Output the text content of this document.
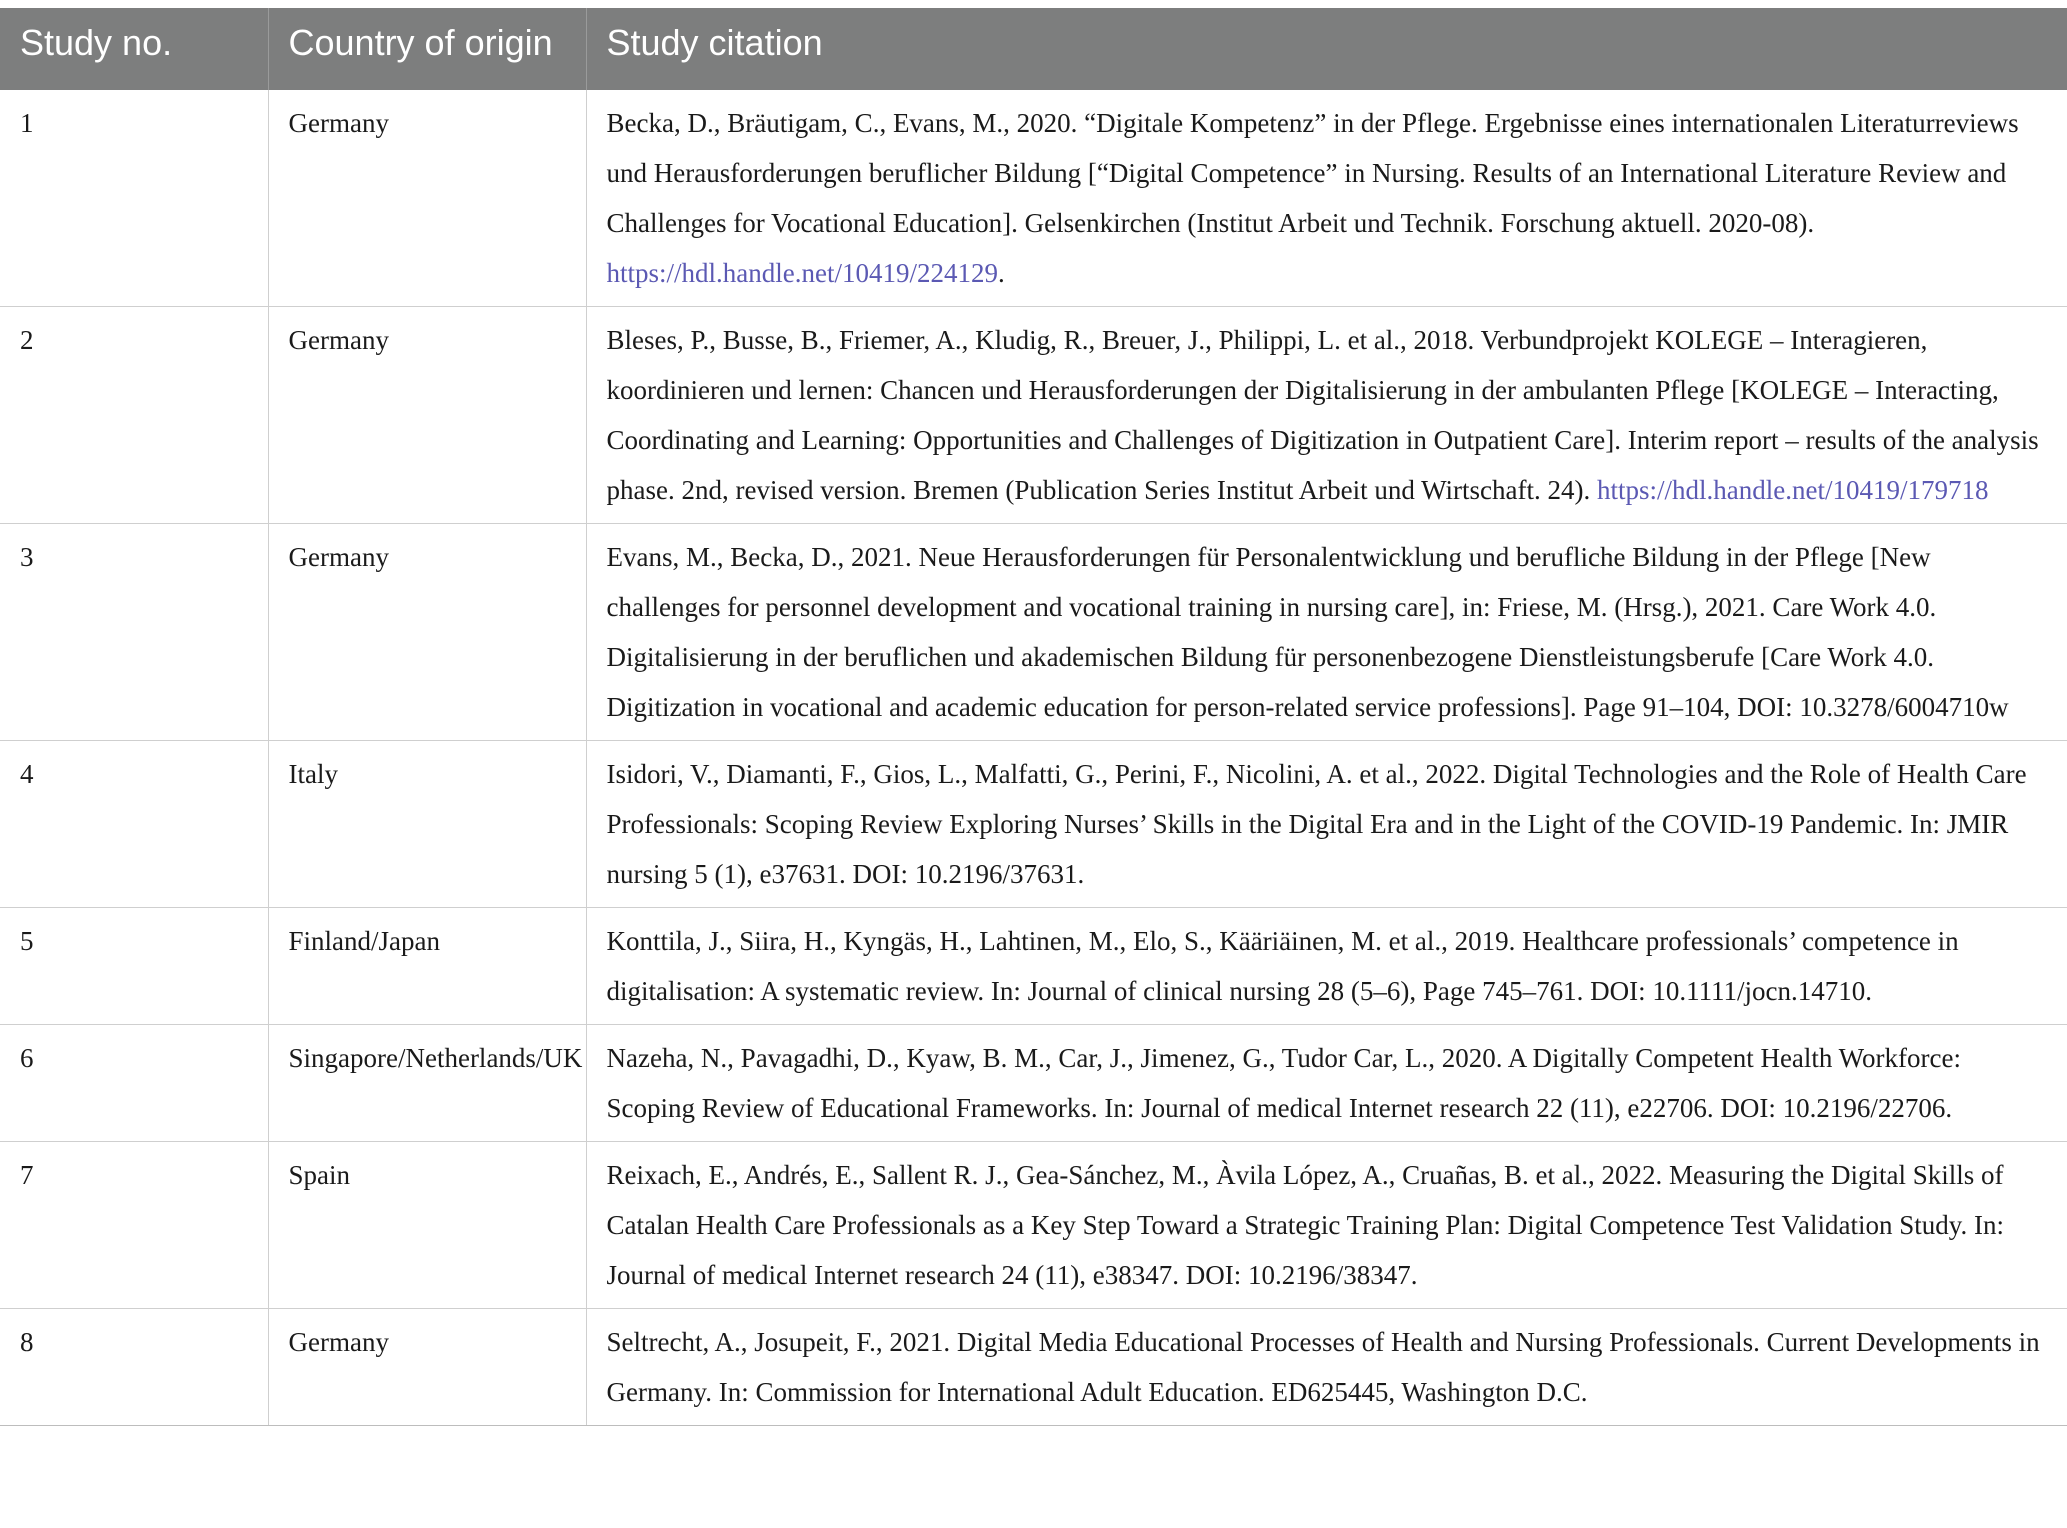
Study no.	Country of origin	Study citation
1	Germany	Becka, D., Bräutigam, C., Evans, M., 2020. “Digitale Kompetenz” in der Pflege. Ergebnisse eines internationalen Literaturreviews und Herausforderungen beruflicher Bildung [“Digital Competence” in Nursing. Results of an International Literature Review and Challenges for Vocational Education]. Gelsenkirchen (Institut Arbeit und Technik. Forschung aktuell. 2020-08). https://hdl.handle.net/10419/224129.
2	Germany	Bleses, P., Busse, B., Friemer, A., Kludig, R., Breuer, J., Philippi, L. et al., 2018. Verbundprojekt KOLEGE – Interagieren, koordinieren und lernen: Chancen und Herausforderungen der Digitalisierung in der ambulanten Pflege [KOLEGE – Interacting, Coordinating and Learning: Opportunities and Challenges of Digitization in Outpatient Care]. Interim report – results of the analysis phase. 2nd, revised version. Bremen (Publication Series Institut Arbeit und Wirtschaft. 24). https://hdl.handle.net/10419/179718
3	Germany	Evans, M., Becka, D., 2021. Neue Herausforderungen für Personalentwicklung und berufliche Bildung in der Pflege [New challenges for personnel development and vocational training in nursing care], in: Friese, M. (Hrsg.), 2021. Care Work 4.0. Digitalisierung in der beruflichen und akademischen Bildung für personenbezogene Dienstleistungsberufe [Care Work 4.0. Digitization in vocational and academic education for person-related service professions]. Page 91–104, DOI: 10.3278/6004710w
4	Italy	Isidori, V., Diamanti, F., Gios, L., Malfatti, G., Perini, F., Nicolini, A. et al., 2022. Digital Technologies and the Role of Health Care Professionals: Scoping Review Exploring Nurses’ Skills in the Digital Era and in the Light of the COVID-19 Pandemic. In: JMIR nursing 5 (1), e37631. DOI: 10.2196/37631.
5	Finland/Japan	Konttila, J., Siira, H., Kyngäs, H., Lahtinen, M., Elo, S., Kääriäinen, M. et al., 2019. Healthcare professionals’ competence in digitalisation: A systematic review. In: Journal of clinical nursing 28 (5–6), Page 745–761. DOI: 10.1111/jocn.14710.
6	Singapore/Netherlands/UK	Nazeha, N., Pavagadhi, D., Kyaw, B. M., Car, J., Jimenez, G., Tudor Car, L., 2020. A Digitally Competent Health Workforce: Scoping Review of Educational Frameworks. In: Journal of medical Internet research 22 (11), e22706. DOI: 10.2196/22706.
7	Spain	Reixach, E., Andrés, E., Sallent R. J., Gea-Sánchez, M., Àvila López, A., Cruañas, B. et al., 2022. Measuring the Digital Skills of Catalan Health Care Professionals as a Key Step Toward a Strategic Training Plan: Digital Competence Test Validation Study. In: Journal of medical Internet research 24 (11), e38347. DOI: 10.2196/38347.
8	Germany	Seltrecht, A., Josupeit, F., 2021. Digital Media Educational Processes of Health and Nursing Professionals. Current Developments in Germany. In: Commission for International Adult Education. ED625445, Washington D.C.
